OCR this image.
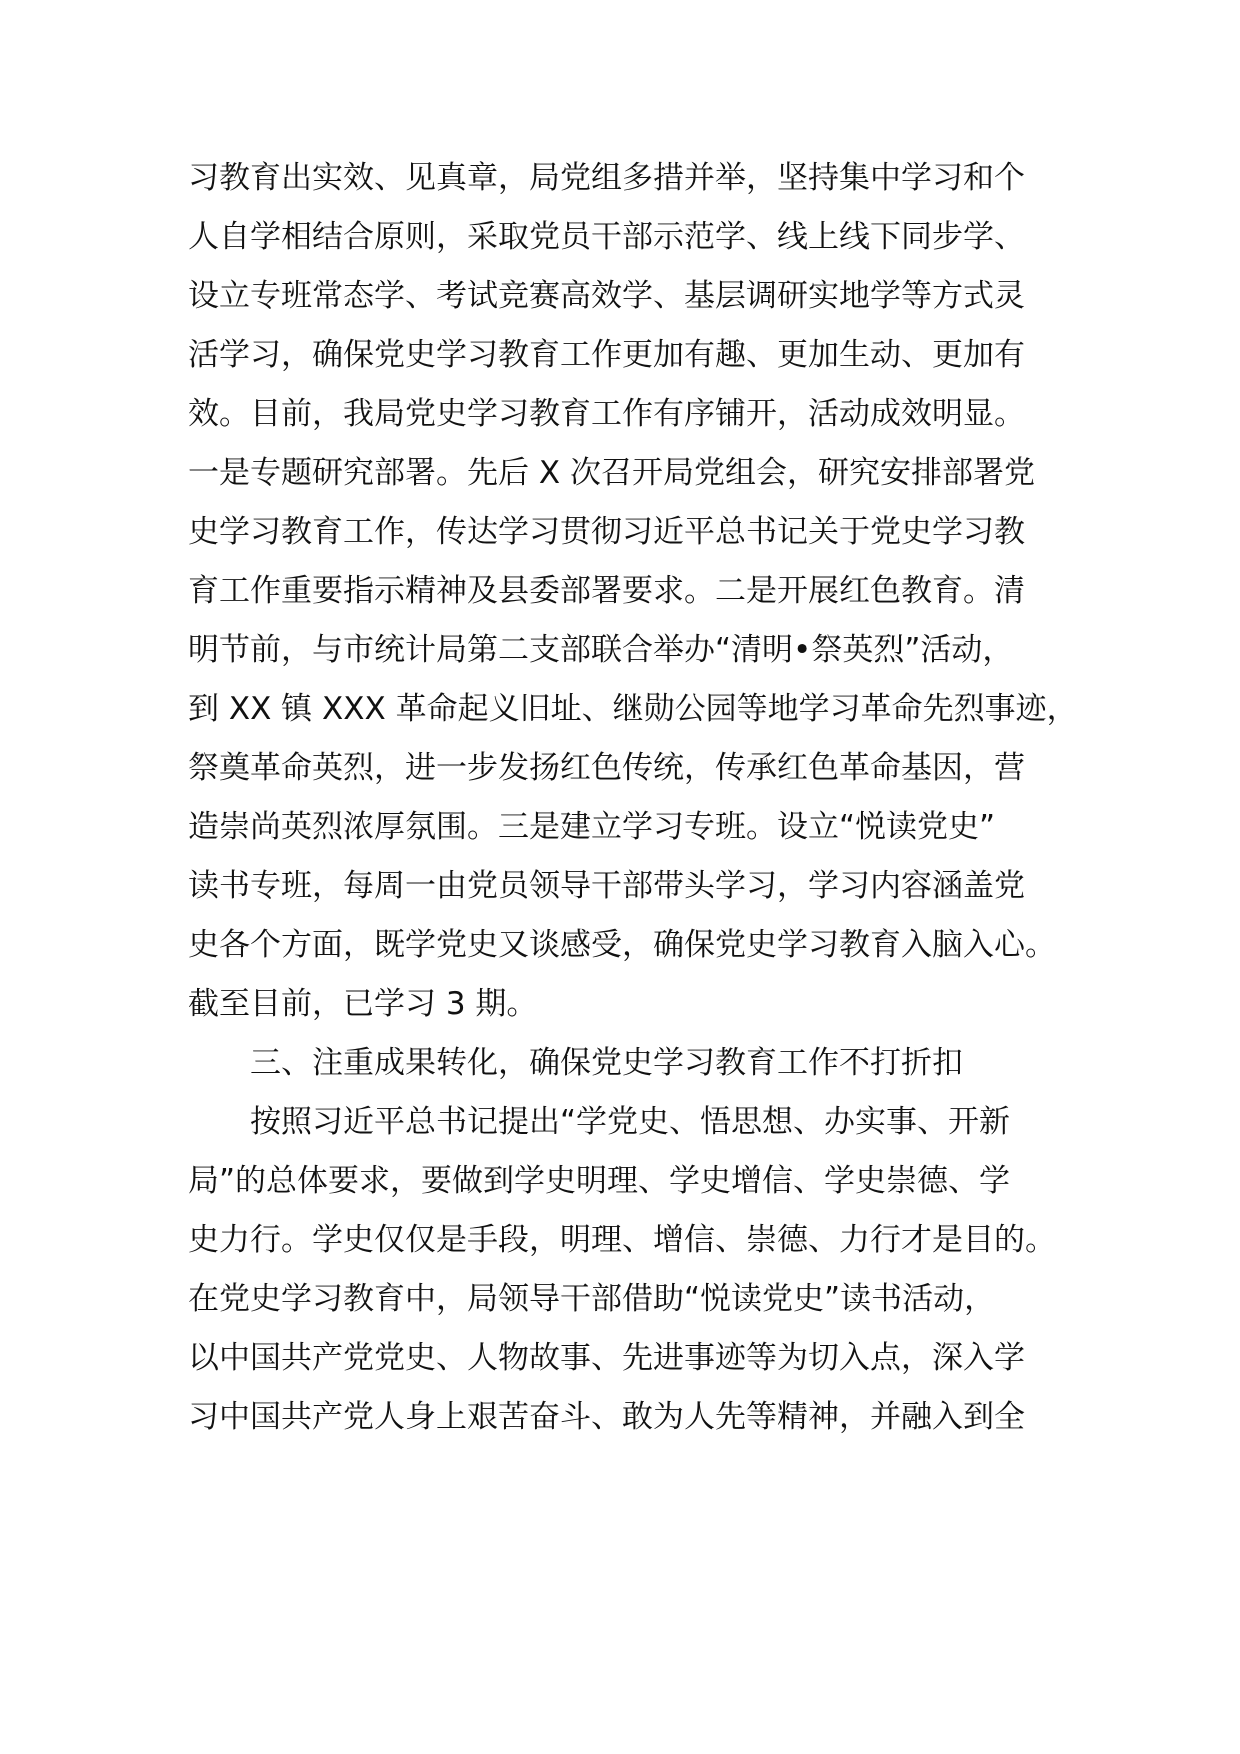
习教育出实效、见真章，局党组多措并举，坚持集中学习和个
人自学相结合原则，采取党员干部示范学、线上线下同步学、
设立专班常态学、考试竞赛高效学、基层调研实地学等方式灵
活学习，确保党史学习教育工作更加有趣、更加生动、更加有
效。目前，我局党史学习教育工作有序铺开，活动成效明显。
一是专题研究部署。先后 X 次召开局党组会，研究安排部署党
史学习教育工作，传达学习贯彻习近平总书记关于党史学习教
育工作重要指示精神及县委部署要求。二是开展红色教育。清
明节前，与市统计局第二支部联合举办“清明•祭英烈”活动，
到 XX 镇 XXX 革命起义旧址、继勋公园等地学习革命先烈事迹，
祭奠革命英烈，进一步发扬红色传统，传承红色革命基因，营
造崇尚英烈浓厚氛围。三是建立学习专班。设立“悦读党史”
读书专班，每周一由党员领导干部带头学习，学习内容涵盖党
史各个方面，既学党史又谈感受，确保党史学习教育入脑入心。
截至目前，已学习 3 期。
三、注重成果转化，确保党史学习教育工作不打折扣
按照习近平总书记提出“学党史、悟思想、办实事、开新
局”的总体要求，要做到学史明理、学史增信、学史崇德、学
史力行。学史仅仅是手段，明理、增信、崇德、力行才是目的。
在党史学习教育中，局领导干部借助“悦读党史”读书活动，
以中国共产党党史、人物故事、先进事迹等为切入点，深入学
习中国共产党人身上艰苦奋斗、敢为人先等精神，并融入到全
